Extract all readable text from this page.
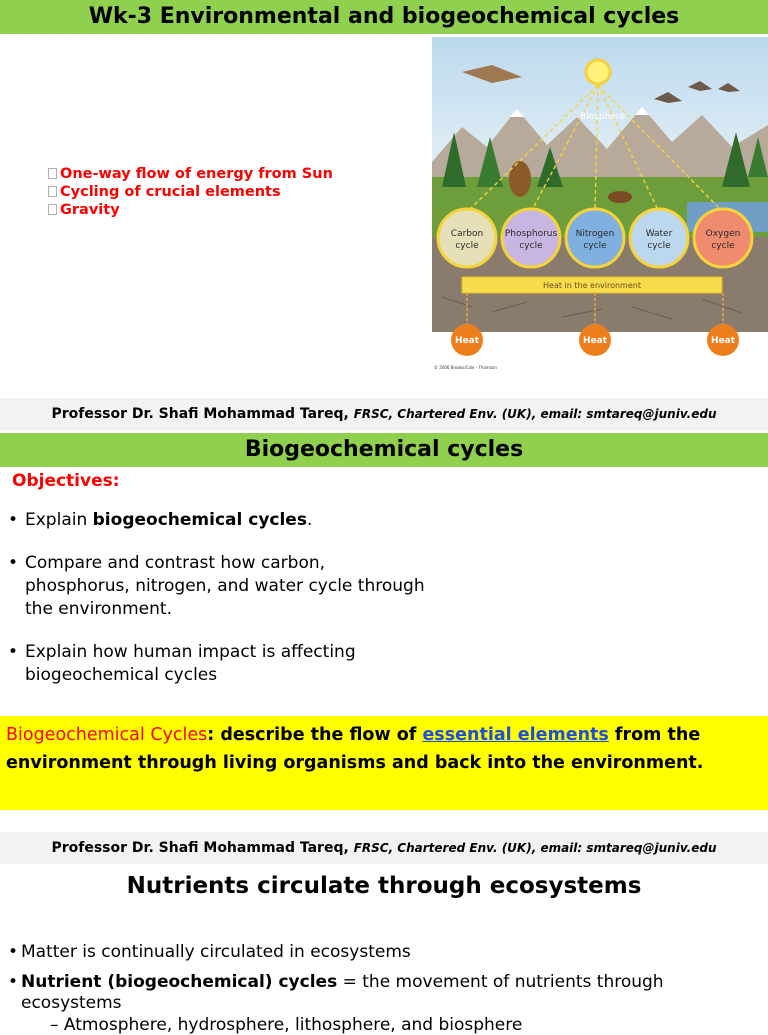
Wk-3 Environmental and biogeochemical cycles
One-way flow of energy from Sun
Cycling of crucial elements
Gravity
Biosphere
Heat in the environment
Carbon
cycle
Phosphorus
cycle
Nitrogen
cycle
Water
cycle
Oxygen
cycle
Heat	Heat	Heat
© 2006 Brooks/Cole - Thomson
Professor Dr. Shafi Mohammad Tareq, FRSC, Chartered Env. (UK), email: smtareq@juniv.edu
Biogeochemical cycles
Objectives:
• Explain biogeochemical cycles.
• Compare and contrast how carbon, phosphorus, nitrogen, and water cycle through the environment.
• Explain how human impact is affecting biogeochemical cycles
Biogeochemical Cycles: describe the flow of essential elements from the environment through living organisms and back into the environment.
Professor Dr. Shafi Mohammad Tareq, FRSC, Chartered Env. (UK), email: smtareq@juniv.edu
Nutrients circulate through ecosystems
• Matter is continually circulated in ecosystems
• Nutrient (biogeochemical) cycles = the movement of nutrients through ecosystems
– Atmosphere, hydrosphere, lithosphere, and biosphere
